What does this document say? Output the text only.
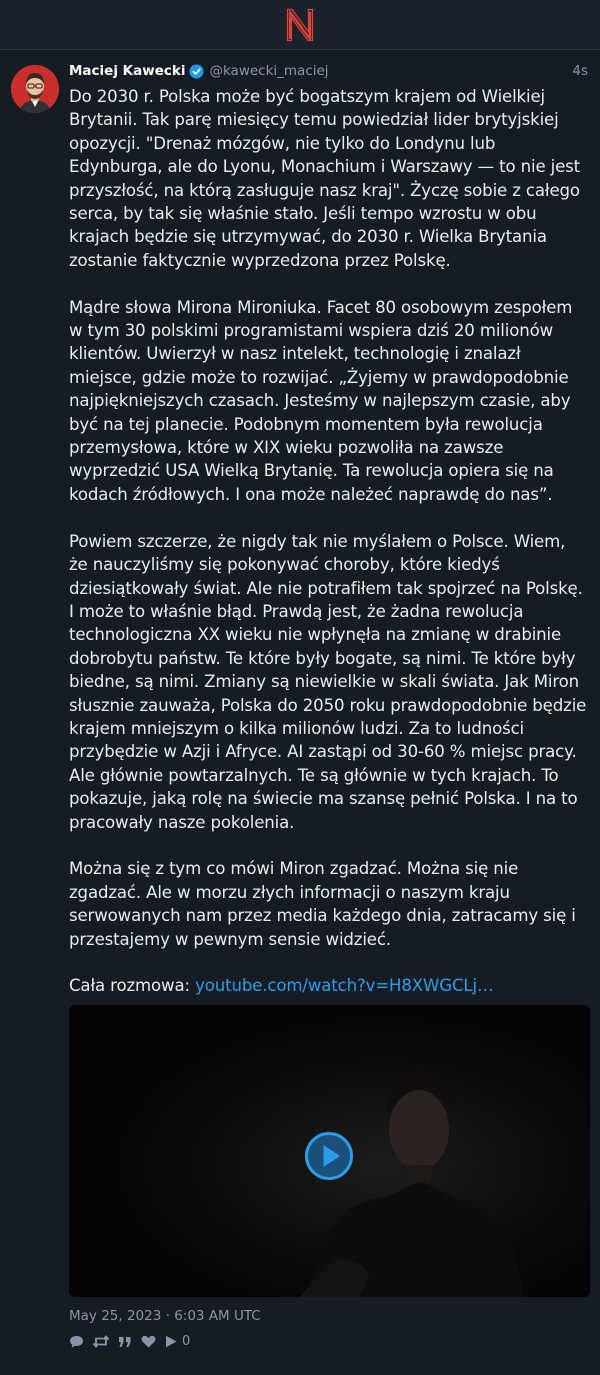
Maciej Kawecki @kawecki_maciej	4s

Do 2030 r. Polska może być bogatszym krajem od Wielkiej Brytanii. Tak parę miesięcy temu powiedział lider brytyjskiej opozycji. "Drenaż mózgów, nie tylko do Londynu lub Edynburga, ale do Lyonu, Monachium i Warszawy — to nie jest przyszłość, na którą zasługuje nasz kraj". Życzę sobie z całego serca, by tak się właśnie stało. Jeśli tempo wzrostu w obu krajach będzie się utrzymywać, do 2030 r. Wielka Brytania zostanie faktycznie wyprzedzona przez Polskę.

Mądre słowa Mirona Mironiuka. Facet 80 osobowym zespołem w tym 30 polskimi programistami wspiera dziś 20 milionów klientów. Uwierzył w nasz intelekt, technologię i znalazł miejsce, gdzie może to rozwijać. „Żyjemy w prawdopodobnie najpiękniejszych czasach. Jesteśmy w najlepszym czasie, aby być na tej planecie. Podobnym momentem była rewolucja przemysłowa, które w XIX wieku pozwoliła na zawsze wyprzedzić USA Wielką Brytanię. Ta rewolucja opiera się na kodach źródłowych. I ona może należeć naprawdę do nas”.

Powiem szczerze, że nigdy tak nie myślałem o Polsce. Wiem, że nauczyliśmy się pokonywać choroby, które kiedyś dziesiątkowały świat. Ale nie potrafiłem tak spojrzeć na Polskę. I może to właśnie błąd. Prawdą jest, że żadna rewolucja technologiczna XX wieku nie wpłynęła na zmianę w drabinie dobrobytu państw. Te które były bogate, są nimi. Te które były biedne, są nimi. Zmiany są niewielkie w skali świata. Jak Miron słusznie zauważa, Polska do 2050 roku prawdopodobnie będzie krajem mniejszym o kilka milionów ludzi. Za to ludności przybędzie w Azji i Afryce. AI zastąpi od 30-60 % miejsc pracy. Ale głównie powtarzalnych. Te są głównie w tych krajach. To pokazuje, jaką rolę na świecie ma szansę pełnić Polska. I na to pracowały nasze pokolenia.

Można się z tym co mówi Miron zgadzać. Można się nie zgadzać. Ale w morzu złych informacji o naszym kraju serwowanych nam przez media każdego dnia, zatracamy się i przestajemy w pewnym sensie widzieć.

Cała rozmowa: youtube.com/watch?v=H8XWGCLj…

May 25, 2023 · 6:03 AM UTC
0
